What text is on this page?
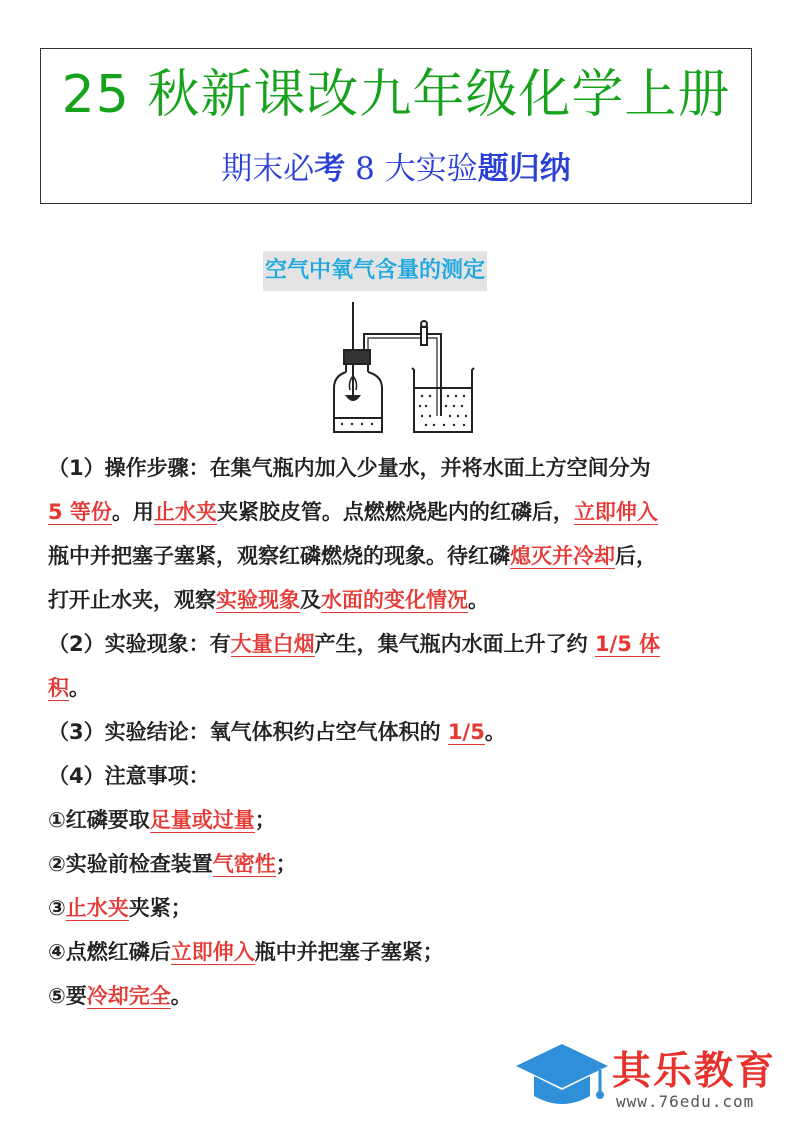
25 秋新课改九年级化学上册
期末必考 8 大实验题归纳
空气中氧气含量的测定
（1）操作步骤：在集气瓶内加入少量水，并将水面上方空间分为
5 等份。用止水夹夹紧胶皮管。点燃燃烧匙内的红磷后，立即伸入
瓶中并把塞子塞紧，观察红磷燃烧的现象。待红磷熄灭并冷却后，
打开止水夹，观察实验现象及水面的变化情况。
（2）实验现象：有大量白烟产生，集气瓶内水面上升了约 1/5 体
积。
（3）实验结论：氧气体积约占空气体积的 1/5。
（4）注意事项：
①红磷要取足量或过量；
②实验前检查装置气密性；
③止水夹夹紧；
④点燃红磷后立即伸入瓶中并把塞子塞紧；
⑤要冷却完全。
其乐教育
www.76edu.com
